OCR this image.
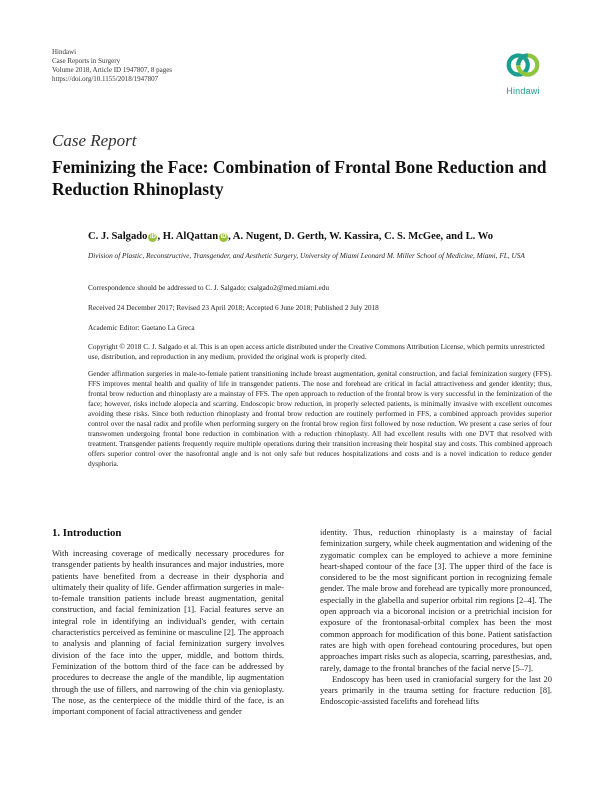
Hindawi
Case Reports in Surgery
Volume 2018, Article ID 1947807, 8 pages
https://doi.org/10.1155/2018/1947807
Hindawi
Case Report
Feminizing the Face: Combination of Frontal Bone Reduction and Reduction Rhinoplasty
C. J. Salgado iD , H. AlQattan iD , A. Nugent, D. Gerth, W. Kassira, C. S. McGee, and L. Wo
Division of Plastic, Reconstructive, Transgender, and Aesthetic Surgery, University of Miami Leonard M. Miller School of Medicine, Miami, FL, USA
Correspondence should be addressed to C. J. Salgado; csalgado2@med.miami.edu
Received 24 December 2017; Revised 23 April 2018; Accepted 6 June 2018; Published 2 July 2018
Academic Editor: Gaetano La Greca
Copyright © 2018 C. J. Salgado et al. This is an open access article distributed under the Creative Commons Attribution License, which permits unrestricted use, distribution, and reproduction in any medium, provided the original work is properly cited.
Gender affirmation surgeries in male-to-female patient transitioning include breast augmentation, genital construction, and facial feminization surgery (FFS). FFS improves mental health and quality of life in transgender patients. The nose and forehead are critical in facial attractiveness and gender identity; thus, frontal brow reduction and rhinoplasty are a mainstay of FFS. The open approach to reduction of the frontal brow is very successful in the feminization of the face; however, risks include alopecia and scarring. Endoscopic brow reduction, in properly selected patients, is minimally invasive with excellent outcomes avoiding these risks. Since both reduction rhinoplasty and frontal brow reduction are routinely performed in FFS, a combined approach provides superior control over the nasal radix and profile when performing surgery on the frontal brow region first followed by nose reduction. We present a case series of four transwomen undergoing frontal bone reduction in combination with a reduction rhinoplasty. All had excellent results with one DVT that resolved with treatment. Transgender patients frequently require multiple operations during their transition increasing their hospital stay and costs. This combined approach offers superior control over the nasofrontal angle and is not only safe but reduces hospitalizations and costs and is a novel indication to reduce gender dysphoria.
1. Introduction

With increasing coverage of medically necessary procedures for transgender patients by health insurances and major industries, more patients have benefited from a decrease in their dysphoria and ultimately their quality of life. Gender affirmation surgeries in male-to-female transition patients include breast augmentation, genital construction, and facial feminization [1]. Facial features serve an integral role in identifying an individual's gender, with certain characteristics perceived as feminine or masculine [2]. The approach to analysis and planning of facial feminization surgery involves division of the face into the upper, middle, and bottom thirds. Feminization of the bottom third of the face can be addressed by procedures to decrease the angle of the mandible, lip augmentation through the use of fillers, and narrowing of the chin via genioplasty. The nose, as the centerpiece of the middle third of the face, is an important component of facial attractiveness and gender

identity. Thus, reduction rhinoplasty is a mainstay of facial feminization surgery, while cheek augmentation and widening of the zygomatic complex can be employed to achieve a more feminine heart-shaped contour of the face [3]. The upper third of the face is considered to be the most significant portion in recognizing female gender. The male brow and forehead are typically more pronounced, especially in the glabella and superior orbital rim regions [2–4]. The open approach via a bicoronal incision or a pretrichial incision for exposure of the frontonasal-orbital complex has been the most common approach for modification of this bone. Patient satisfaction rates are high with open forehead contouring procedures, but open approaches impart risks such as alopecia, scarring, paresthesias, and, rarely, damage to the frontal branches of the facial nerve [5–7].

Endoscopy has been used in craniofacial surgery for the last 20 years primarily in the trauma setting for fracture reduction [8]. Endoscopic-assisted facelifts and forehead lifts
